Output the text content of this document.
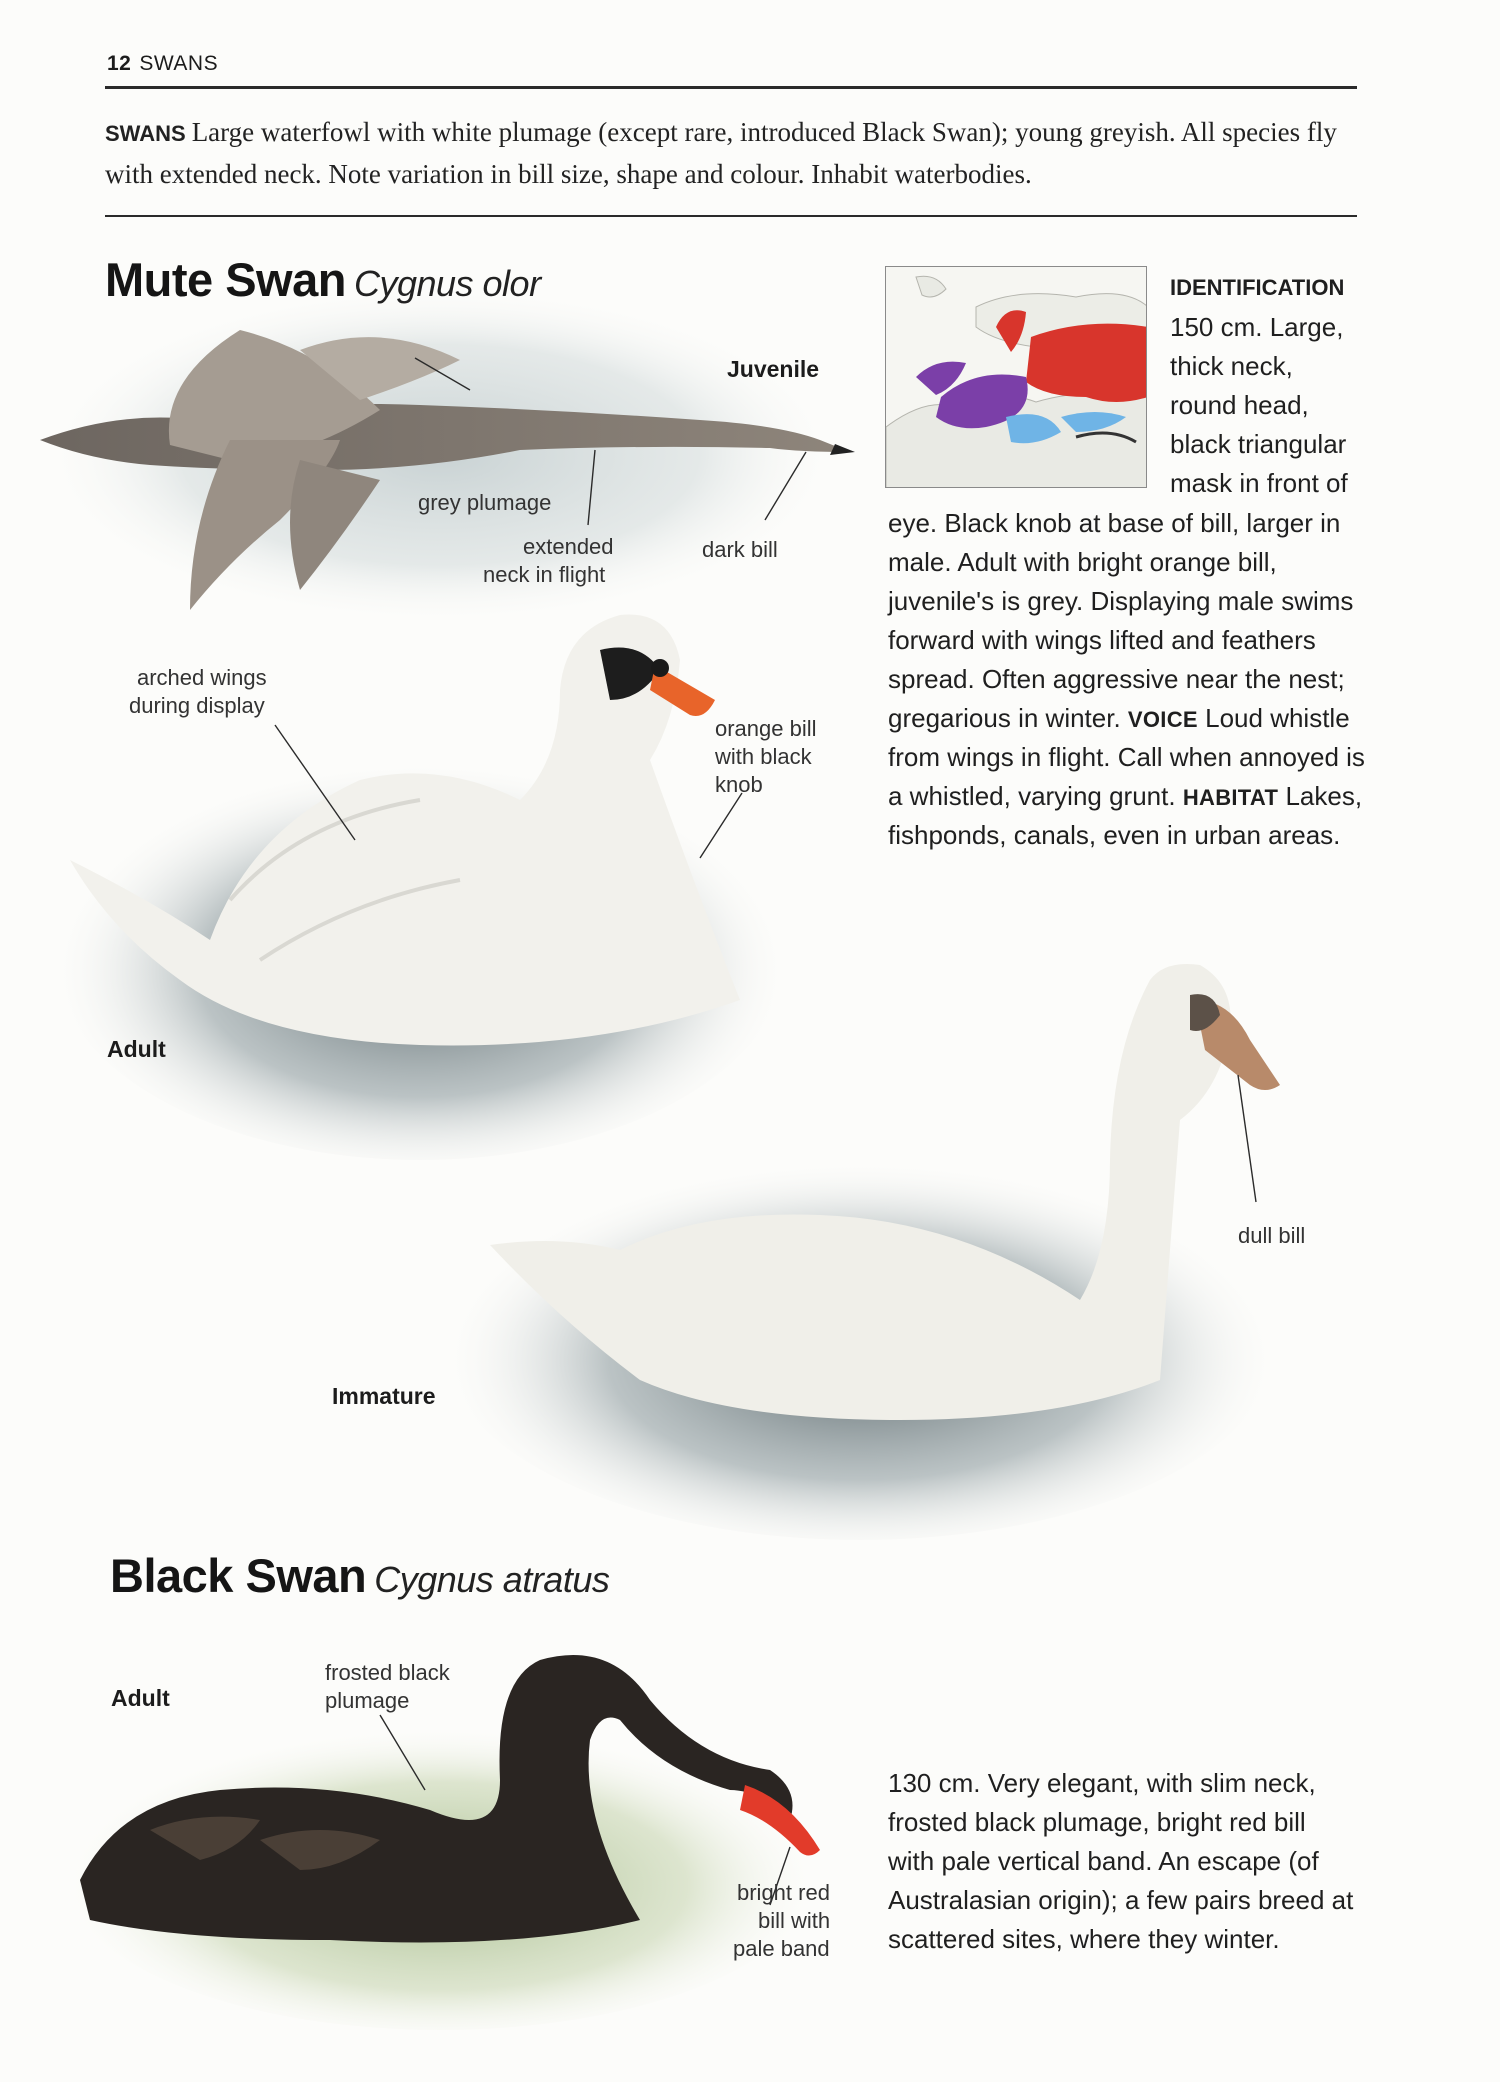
12 SWANS
SWANS Large waterfowl with white plumage (except rare, introduced Black Swan); young greyish. All species fly with extended neck. Note variation in bill size, shape and colour. Inhabit waterbodies.
Mute Swan Cygnus olor	IDENTIFICATION
150 cm. Large,
thick neck,
round head,
black triangular
mask in front of
eye. Black knob at base of bill, larger in
male. Adult with bright orange bill,
juvenile's is grey. Displaying male swims
forward with wings lifted and feathers
spread. Often aggressive near the nest;
gregarious in winter. VOICE Loud whistle
from wings in flight. Call when annoyed is
a whistled, varying grunt. HABITAT Lakes,
fishponds, canals, even in urban areas.
Juvenile
grey plumage
extended
neck in flight
dark bill
arched wings
during display
orange bill
with black
knob
Adult
dull bill
Immature
Black Swan Cygnus atratus
Adult
frosted black
plumage
bright red
bill with
pale band
130 cm. Very elegant, with slim neck,
frosted black plumage, bright red bill
with pale vertical band. An escape (of
Australasian origin); a few pairs breed at
scattered sites, where they winter.
